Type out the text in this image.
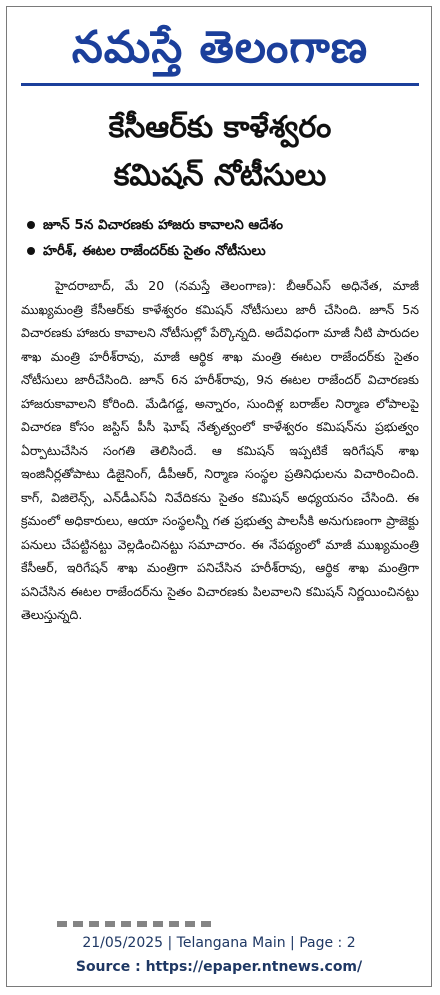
నమస్తే తెలంగాణ
కేసీఆర్‌కు కాళేశ్వరం
కమిషన్ నోటీసులు
జూన్ 5న విచారణకు హాజరు కావాలని ఆదేశం
హరీశ్, ఈటల రాజేందర్‌కు సైతం నోటీసులు

హైదరాబాద్, మే 20 (నమస్తే తెలంగాణ): బీఆర్‌ఎస్ అధినేత, మాజీ ముఖ్యమంత్రి కేసీఆర్‌కు కాళేశ్వరం కమిషన్ నోటీసులు జారీ చేసింది. జూన్ 5న విచారణకు హాజరు కావాలని నోటీసుల్లో పేర్కొన్నది. అదేవిధంగా మాజీ నీటి పారుదల శాఖ మంత్రి హరీశ్‌రావు, మాజీ ఆర్థిక శాఖ మంత్రి ఈటల రాజేందర్‌కు సైతం నోటీసులు జారీచేసింది. జూన్ 6న హరీశ్‌రావు, 9న ఈటల రాజేందర్ విచారణకు హాజరుకావాలని కోరింది. మేడిగడ్డ, అన్నారం, సుందిళ్ల బరాజ్‌ల నిర్మాణ లోపాలపై విచారణ కోసం జస్టిస్ పీసీ ఘోష్ నేతృత్వంలో కాళేశ్వరం కమిషన్‌ను ప్రభుత్వం ఏర్పాటుచేసిన సంగతి తెలిసిందే. ఆ కమిషన్ ఇప్పటికే ఇరిగేషన్ శాఖ ఇంజినీర్లతోపాటు డిజైనింగ్, డీపీఆర్, నిర్మాణ సంస్థల ప్రతినిధులను విచారించింది. కాగ్, విజిలెన్స్, ఎన్‌డీఎస్‌ఏ నివేదికను సైతం కమిషన్ అధ్యయనం చేసింది. ఈ క్రమంలో అధికారులు, ఆయా సంస్థలన్నీ గత ప్రభుత్వ పాలసీకి అనుగుణంగా ప్రాజెక్టు పనులు చేపట్టినట్టు వెల్లడించినట్టు సమాచారం. ఈ నేపథ్యంలో మాజీ ముఖ్యమంత్రి కేసీఆర్, ఇరిగేషన్ శాఖ మంత్రిగా పనిచేసిన హరీశ్‌రావు, ఆర్థిక శాఖ మంత్రిగా పనిచేసిన ఈటల రాజేందర్‌ను సైతం విచారణకు పిలవాలని కమిషన్ నిర్ణయించినట్టు తెలుస్తున్నది.

21/05/2025 | Telangana Main | Page : 2
Source : https://epaper.ntnews.com/
